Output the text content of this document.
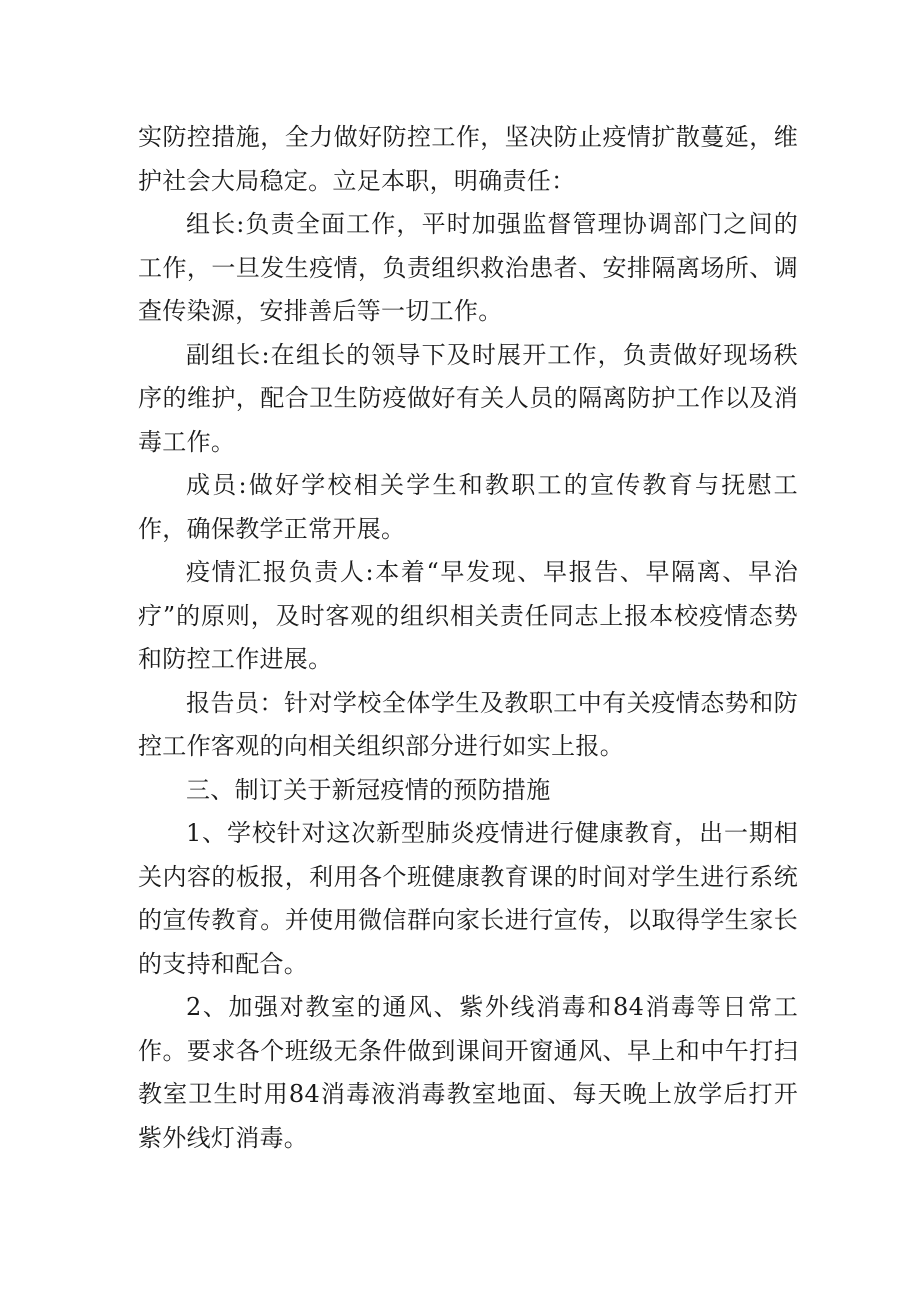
实防控措施，全力做好防控工作，坚决防止疫情扩散蔓延，维护社会大局稳定。立足本职，明确责任：

组长:负责全面工作，平时加强监督管理协调部门之间的工作，一旦发生疫情，负责组织救治患者、安排隔离场所、调查传染源，安排善后等一切工作。

副组长:在组长的领导下及时展开工作，负责做好现场秩序的维护，配合卫生防疫做好有关人员的隔离防护工作以及消毒工作。

成员:做好学校相关学生和教职工的宣传教育与抚慰工作，确保教学正常开展。

疫情汇报负责人:本着“早发现、早报告、早隔离、早治疗”的原则，及时客观的组织相关责任同志上报本校疫情态势和防控工作进展。

报告员：针对学校全体学生及教职工中有关疫情态势和防控工作客观的向相关组织部分进行如实上报。

三、制订关于新冠疫情的预防措施

1、学校针对这次新型肺炎疫情进行健康教育，出一期相关内容的板报，利用各个班健康教育课的时间对学生进行系统的宣传教育。并使用微信群向家长进行宣传，以取得学生家长的支持和配合。

2、加强对教室的通风、紫外线消毒和84消毒等日常工作。要求各个班级无条件做到课间开窗通风、早上和中午打扫教室卫生时用84消毒液消毒教室地面、每天晚上放学后打开紫外线灯消毒。
